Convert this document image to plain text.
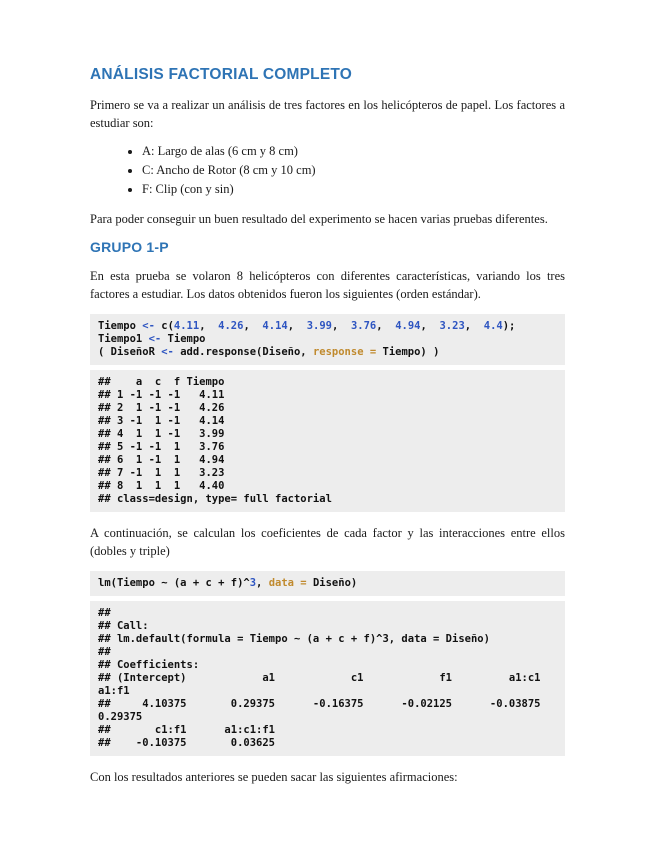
ANÁLISIS FACTORIAL COMPLETO

Primero se va a realizar un análisis de tres factores en los helicópteros de papel. Los factores a estudiar son:

• A: Largo de alas (6 cm y 8 cm)
• C: Ancho de Rotor (8 cm y 10 cm)
• F: Clip (con y sin)

Para poder conseguir un buen resultado del experimento se hacen varias pruebas diferentes.

GRUPO 1-P

En esta prueba se volaron 8 helicópteros con diferentes características, variando los tres factores a estudiar. Los datos obtenidos fueron los siguientes (orden estándar).

Tiempo <- c(4.11,  4.26,  4.14,  3.99,  3.76,  4.94,  3.23,  4.4);
Tiempo1 <- Tiempo
( DiseñoR <- add.response(Diseño, response = Tiempo) )
##    a  c  f Tiempo
## 1 -1 -1 -1   4.11
## 2  1 -1 -1   4.26
## 3 -1  1 -1   4.14
## 4  1  1 -1   3.99
## 5 -1 -1  1   3.76
## 6  1 -1  1   4.94
## 7 -1  1  1   3.23
## 8  1  1  1   4.40
## class=design, type= full factorial

A continuación, se calculan los coeficientes de cada factor y las interacciones entre ellos (dobles y triple)

lm(Tiempo ~ (a + c + f)^3, data = Diseño)
##
## Call:
## lm.default(formula = Tiempo ~ (a + c + f)^3, data = Diseño)
##
## Coefficients:
## (Intercept)            a1            c1            f1         a1:c1
a1:f1
##     4.10375       0.29375      -0.16375      -0.02125      -0.03875
0.29375
##       c1:f1      a1:c1:f1
##    -0.10375       0.03625

Con los resultados anteriores se pueden sacar las siguientes afirmaciones:
